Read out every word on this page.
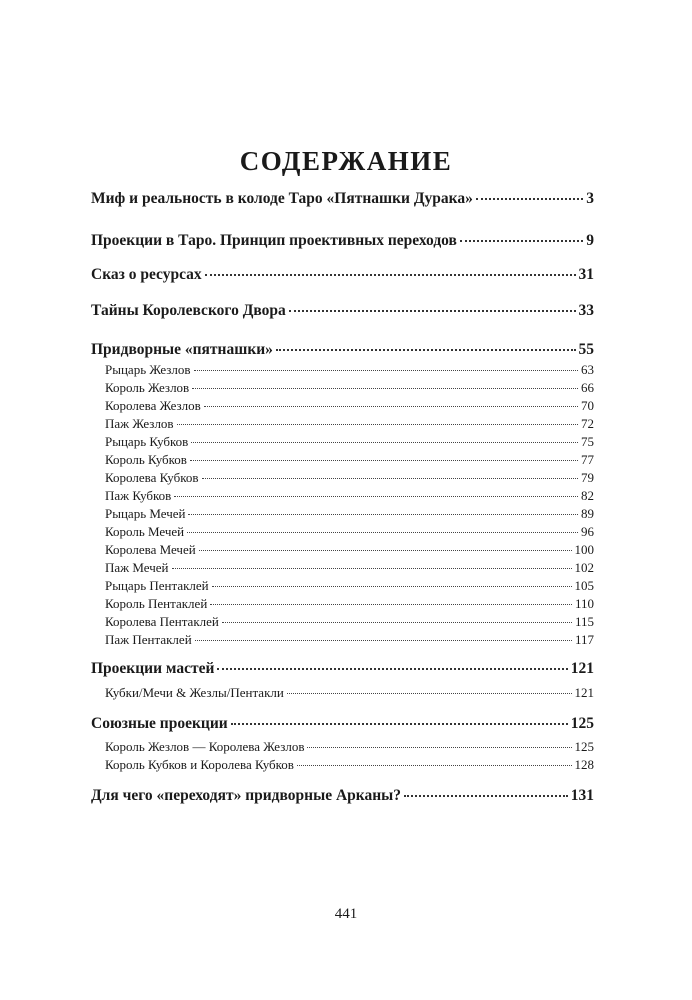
СОДЕРЖАНИЕ
Миф и реальность в колоде Таро «Пятнашки Дурака»	3
Проекции в Таро. Принцип проективных переходов	9
Сказ о ресурсах	31
Тайны Королевского Двора	33
Придворные «пятнашки»	55
Рыцарь Жезлов	63
Король Жезлов	66
Королева Жезлов	70
Паж Жезлов	72
Рыцарь Кубков	75
Король Кубков	77
Королева Кубков	79
Паж Кубков	82
Рыцарь Мечей	89
Король Мечей	96
Королева Мечей	100
Паж Мечей	102
Рыцарь Пентаклей	105
Король Пентаклей	110
Королева Пентаклей	115
Паж Пентаклей	117
Проекции мастей	121
Кубки/Мечи & Жезлы/Пентакли	121
Союзные проекции	125
Король Жезлов — Королева Жезлов	125
Король Кубков и Королева Кубков	128
Для чего «переходят» придворные Арканы?	131
441
